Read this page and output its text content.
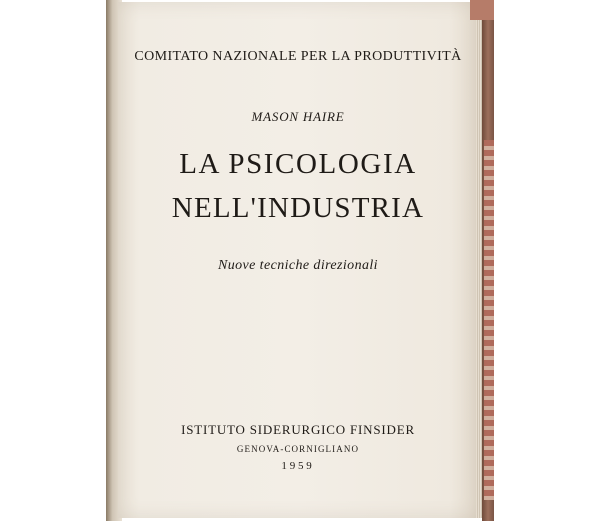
COMITATO NAZIONALE PER LA PRODUTTIVITÀ
MASON HAIRE
LA PSICOLOGIA
NELL'INDUSTRIA
Nuove tecniche direzionali
ISTITUTO SIDERURGICO FINSIDER
GENOVA-CORNIGLIANO
1959
